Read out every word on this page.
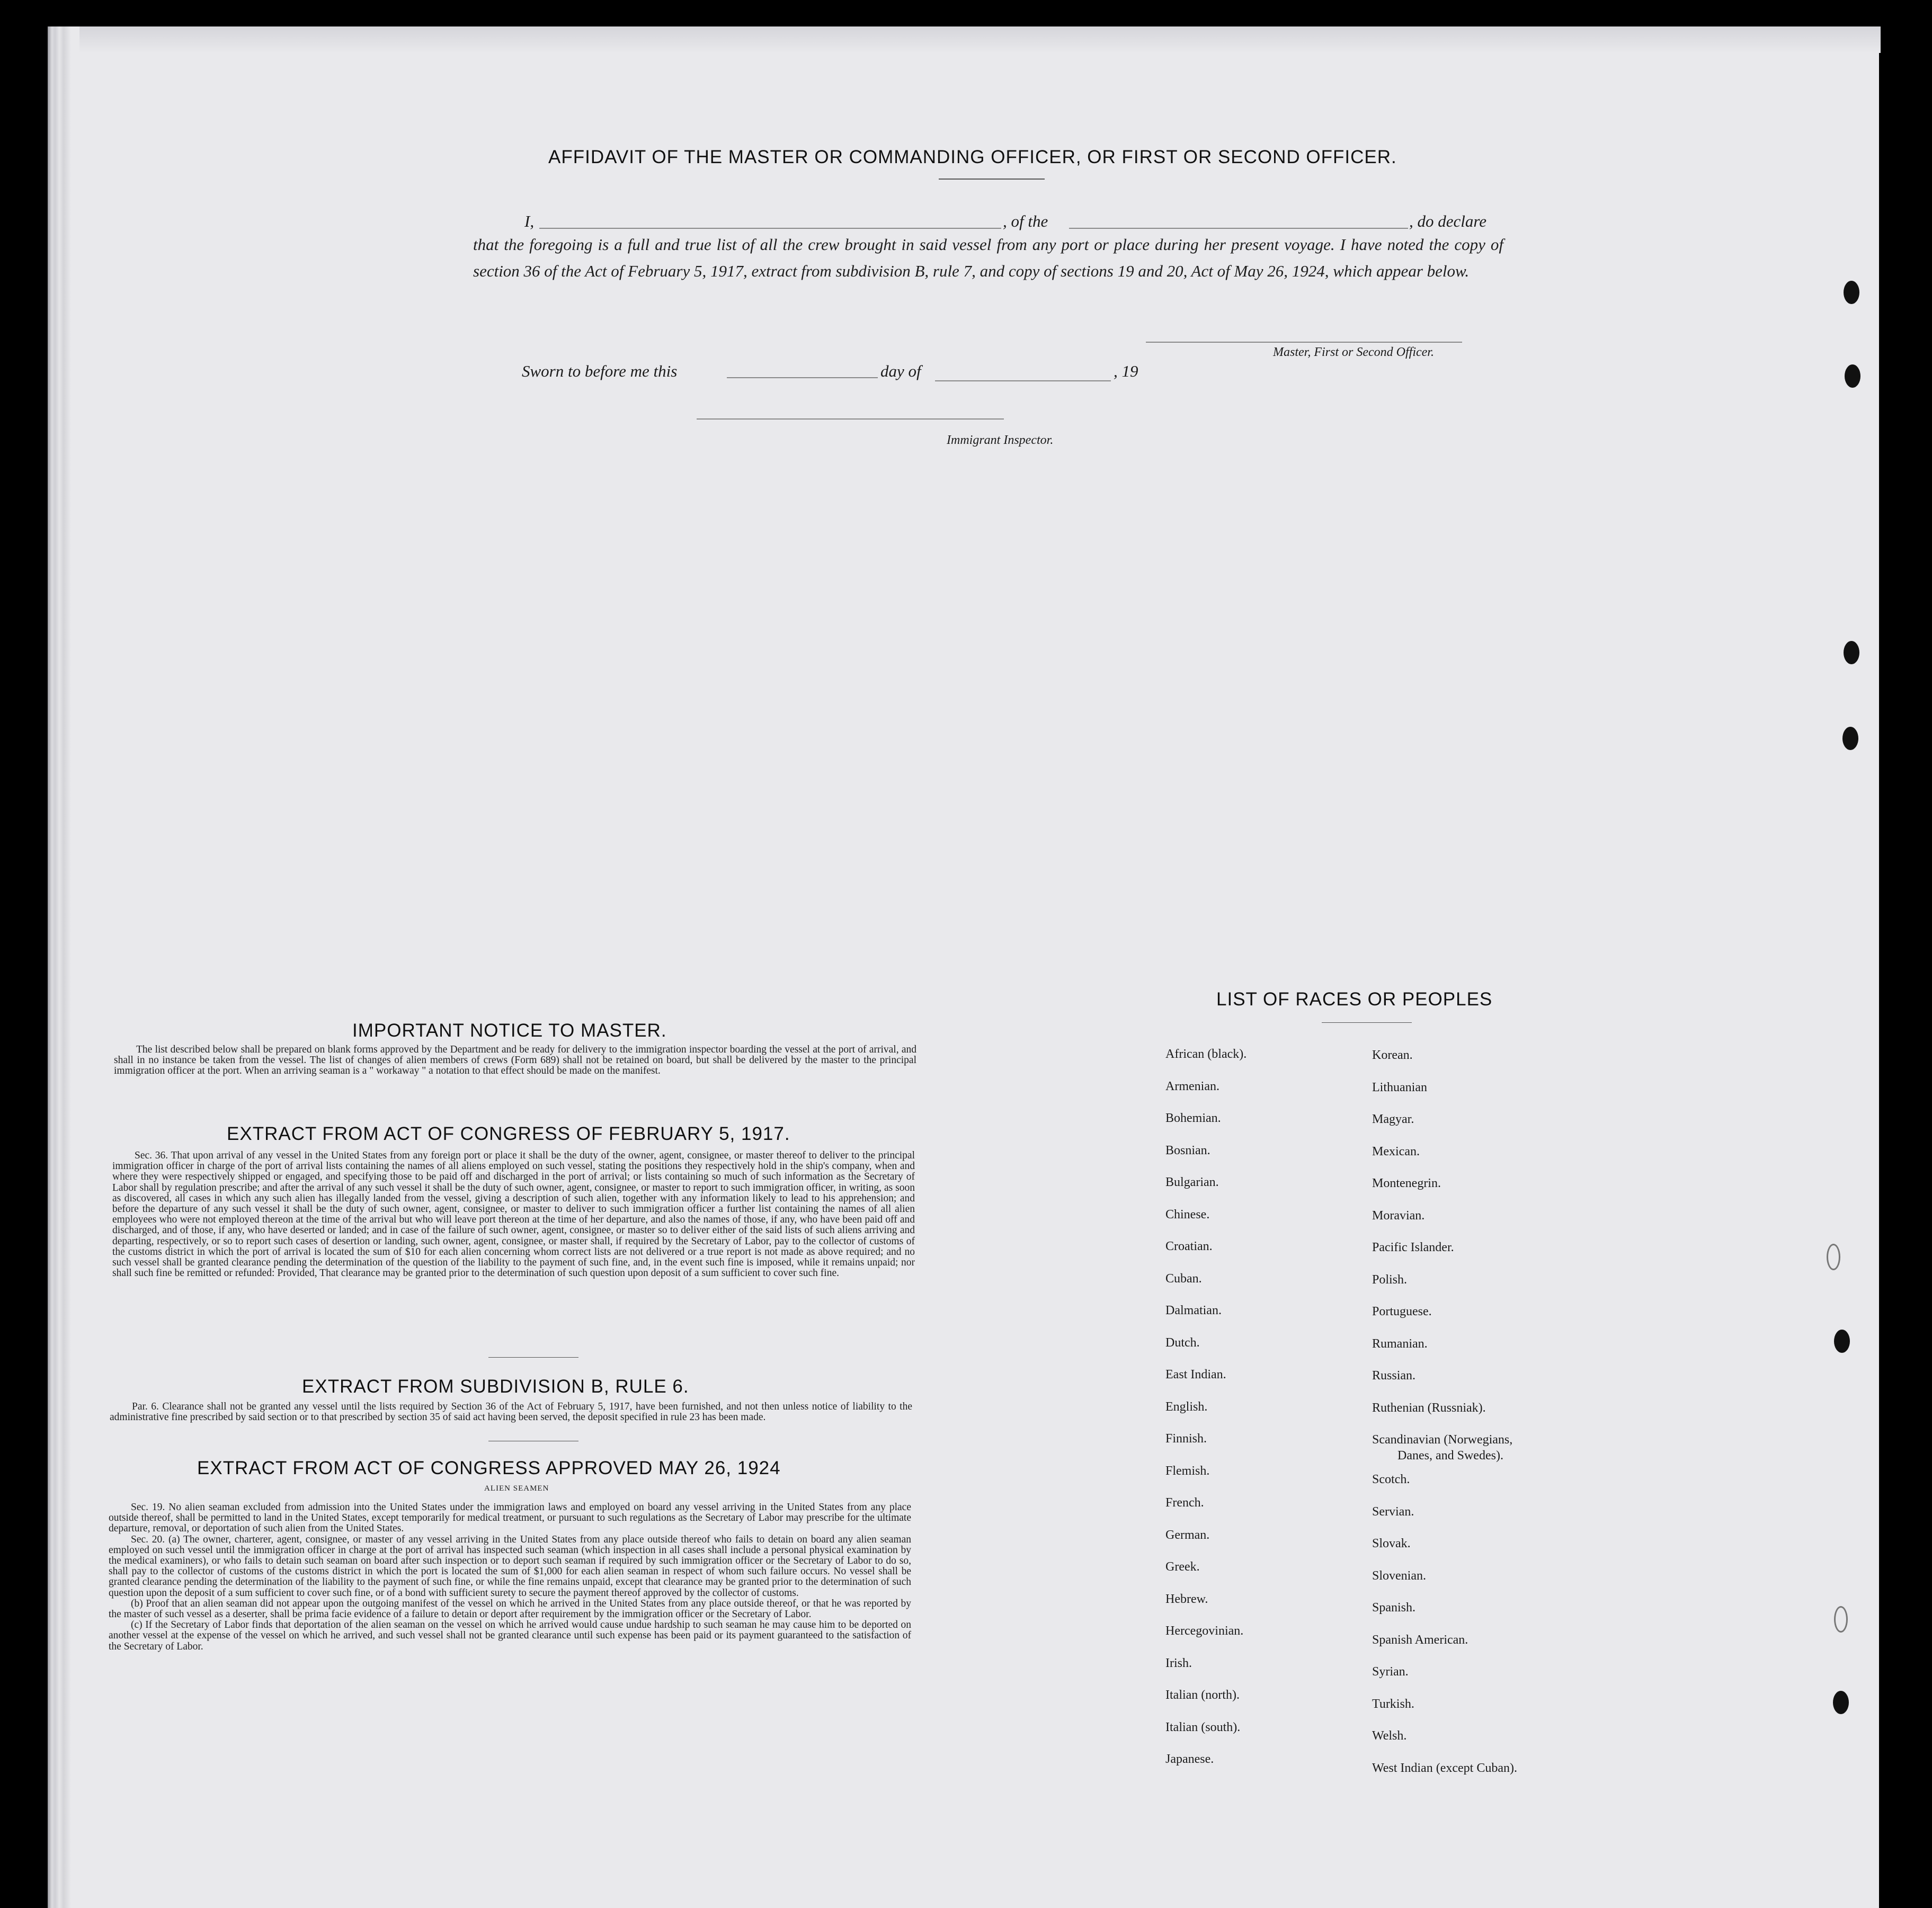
AFFIDAVIT OF THE MASTER OR COMMANDING OFFICER, OR FIRST OR SECOND OFFICER.
I,	, of the	, do declare
that the foregoing is a full and true list of all the crew brought in said vessel from any port or place during her present voyage. I have noted the copy of section 36 of the Act of February 5, 1917, extract from subdivision B, rule 7, and copy of sections 19 and 20, Act of May 26, 1924, which appear below.
Master, First or Second Officer.
Sworn to before me this	day of	, 19
Immigrant Inspector.
IMPORTANT NOTICE TO MASTER.

The list described below shall be prepared on blank forms approved by the Department and be ready for delivery to the immigration inspector boarding the vessel at the port of arrival, and shall in no instance be taken from the vessel. The list of changes of alien members of crews (Form 689) shall not be retained on board, but shall be delivered by the master to the principal immigration officer at the port. When an arriving seaman is a " workaway " a notation to that effect should be made on the manifest.

EXTRACT FROM ACT OF CONGRESS OF FEBRUARY 5, 1917.

Sec. 36. That upon arrival of any vessel in the United States from any foreign port or place it shall be the duty of the owner, agent, consignee, or master thereof to deliver to the principal immigration officer in charge of the port of arrival lists containing the names of all aliens employed on such vessel, stating the positions they respectively hold in the ship's company, when and where they were respectively shipped or engaged, and specifying those to be paid off and discharged in the port of arrival; or lists containing so much of such information as the Secretary of Labor shall by regulation prescribe; and after the arrival of any such vessel it shall be the duty of such owner, agent, consignee, or master to report to such immigration officer, in writing, as soon as discovered, all cases in which any such alien has illegally landed from the vessel, giving a description of such alien, together with any information likely to lead to his apprehension; and before the departure of any such vessel it shall be the duty of such owner, agent, consignee, or master to deliver to such immigration officer a further list containing the names of all alien employees who were not employed thereon at the time of the arrival but who will leave port thereon at the time of her departure, and also the names of those, if any, who have been paid off and discharged, and of those, if any, who have deserted or landed; and in case of the failure of such owner, agent, consignee, or master so to deliver either of the said lists of such aliens arriving and departing, respectively, or so to report such cases of desertion or landing, such owner, agent, consignee, or master shall, if required by the Secretary of Labor, pay to the collector of customs of the customs district in which the port of arrival is located the sum of $10 for each alien concerning whom correct lists are not delivered or a true report is not made as above required; and no such vessel shall be granted clearance pending the determination of the question of the liability to the payment of such fine, and, in the event such fine is imposed, while it remains unpaid; nor shall such fine be remitted or refunded: Provided, That clearance may be granted prior to the determination of such question upon deposit of a sum sufficient to cover such fine.

EXTRACT FROM SUBDIVISION B, RULE 6.

Par. 6. Clearance shall not be granted any vessel until the lists required by Section 36 of the Act of February 5, 1917, have been furnished, and not then unless notice of liability to the administrative fine prescribed by said section or to that prescribed by section 35 of said act having been served, the deposit specified in rule 23 has been made.

EXTRACT FROM ACT OF CONGRESS APPROVED MAY 26, 1924
ALIEN SEAMEN

Sec. 19. No alien seaman excluded from admission into the United States under the immigration laws and employed on board any vessel arriving in the United States from any place outside thereof, shall be permitted to land in the United States, except temporarily for medical treatment, or pursuant to such regulations as the Secretary of Labor may prescribe for the ultimate departure, removal, or deportation of such alien from the United States.

Sec. 20. (a) The owner, charterer, agent, consignee, or master of any vessel arriving in the United States from any place outside thereof who fails to detain on board any alien seaman employed on such vessel until the immigration officer in charge at the port of arrival has inspected such seaman (which inspection in all cases shall include a personal physical examination by the medical examiners), or who fails to detain such seaman on board after such inspection or to deport such seaman if required by such immigration officer or the Secretary of Labor to do so, shall pay to the collector of customs of the customs district in which the port is located the sum of $1,000 for each alien seaman in respect of whom such failure occurs. No vessel shall be granted clearance pending the determination of the liability to the payment of such fine, or while the fine remains unpaid, except that clearance may be granted prior to the determination of such question upon the deposit of a sum sufficient to cover such fine, or of a bond with sufficient surety to secure the payment thereof approved by the collector of customs.

(b) Proof that an alien seaman did not appear upon the outgoing manifest of the vessel on which he arrived in the United States from any place outside thereof, or that he was reported by the master of such vessel as a deserter, shall be prima facie evidence of a failure to detain or deport after requirement by the immigration officer or the Secretary of Labor.

(c) If the Secretary of Labor finds that deportation of the alien seaman on the vessel on which he arrived would cause undue hardship to such seaman he may cause him to be deported on another vessel at the expense of the vessel on which he arrived, and such vessel shall not be granted clearance until such expense has been paid or its payment guaranteed to the satisfaction of the Secretary of Labor.

LIST OF RACES OR PEOPLES
African (black).
Armenian.
Bohemian.
Bosnian.
Bulgarian.
Chinese.
Croatian.
Cuban.
Dalmatian.
Dutch.
East Indian.
English.
Finnish.
Flemish.
French.
German.
Greek.
Hebrew.
Hercegovinian.
Irish.
Italian (north).
Italian (south).
Japanese.
Korean.
Lithuanian
Magyar.
Mexican.
Montenegrin.
Moravian.
Pacific Islander.
Polish.
Portuguese.
Rumanian.
Russian.
Ruthenian (Russniak).
Scandinavian (Norwegians,
Danes, and Swedes).
Scotch.
Servian.
Slovak.
Slovenian.
Spanish.
Spanish American.
Syrian.
Turkish.
Welsh.
West Indian (except Cuban).
